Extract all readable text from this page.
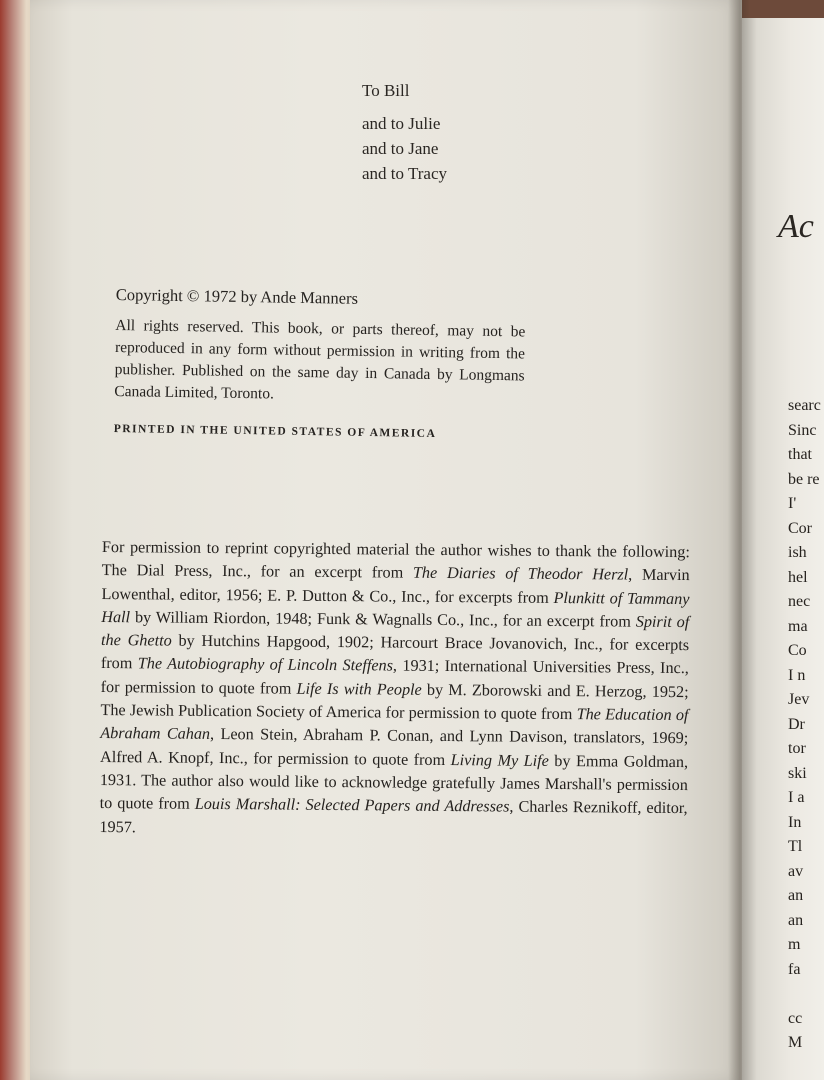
To Bill
and to Julie
and to Jane
and to Tracy
Copyright © 1972 by Ande Manners
All rights reserved. This book, or parts thereof, may not be reproduced in any form without permission in writing from the publisher. Published on the same day in Canada by Longmans Canada Limited, Toronto.
PRINTED IN THE UNITED STATES OF AMERICA
For permission to reprint copyrighted material the author wishes to thank the following: The Dial Press, Inc., for an excerpt from The Diaries of Theodor Herzl, Marvin Lowenthal, editor, 1956; E. P. Dutton & Co., Inc., for excerpts from Plunkitt of Tammany Hall by William Riordon, 1948; Funk & Wagnalls Co., Inc., for an excerpt from Spirit of the Ghetto by Hutchins Hapgood, 1902; Harcourt Brace Jovanovich, Inc., for excerpts from The Autobiography of Lincoln Steffens, 1931; International Universities Press, Inc., for permission to quote from Life Is with People by M. Zborowski and E. Herzog, 1952; The Jewish Publication Society of America for permission to quote from The Education of Abraham Cahan, Leon Stein, Abraham P. Conan, and Lynn Davison, translators, 1969; Alfred A. Knopf, Inc., for permission to quote from Living My Life by Emma Goldman, 1931. The author also would like to acknowledge gratefully James Marshall's permission to quote from Louis Marshall: Selected Papers and Addresses, Charles Reznikoff, editor, 1957.
Ac
searc
Sinc
that
be re
I'
Cor
ish
hel
nec
ma
Co
I n
Jev
Dr
tor
ski
I a
In
Tl
av
an
an
m
fa
cc
M
